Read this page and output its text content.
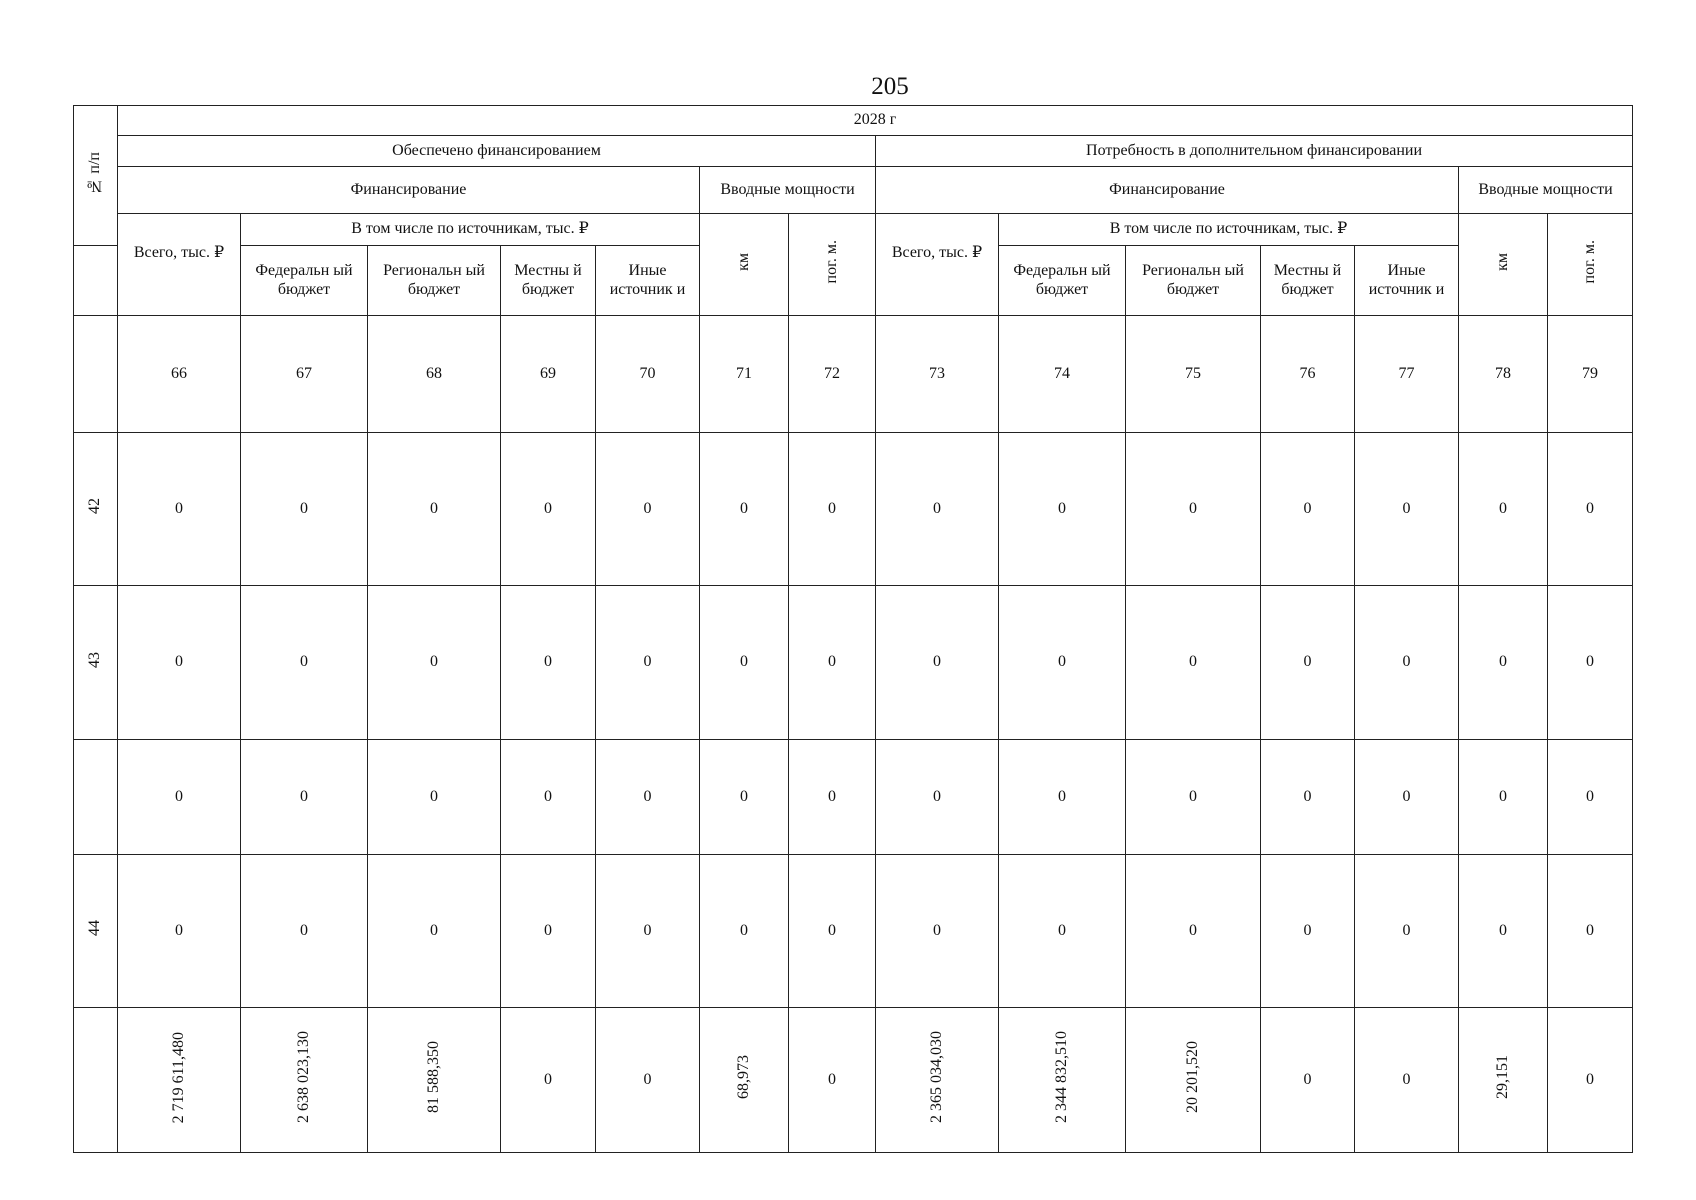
205
№ п/п	2028 г													
	Обеспечено финансированием							Потребность в дополнительном финансировании						
	Финансирование					Вводные мощности		Финансирование					Вводные мощности	
	Всего, тыс. ₽	В том числе по источникам, тыс. ₽				км	пог. м.	Всего, тыс. ₽	В том числе по источникам, тыс. ₽				км	пог. м.
		Федеральн ый бюджет	Региональн ый бюджет	Местны й бюджет	Иные источник и				Федеральн ый бюджет	Региональн ый бюджет	Местны й бюджет	Иные источник и		
	66	67	68	69	70	71	72	73	74	75	76	77	78	79
42	0	0	0	0	0	0	0	0	0	0	0	0	0	0
43	0	0	0	0	0	0	0	0	0	0	0	0	0	0
	0	0	0	0	0	0	0	0	0	0	0	0	0	0
44	0	0	0	0	0	0	0	0	0	0	0	0	0	0
	2 719 611,480	2 638 023,130	81 588,350	0	0	68,973	0	2 365 034,030	2 344 832,510	20 201,520	0	0	29,151	0
